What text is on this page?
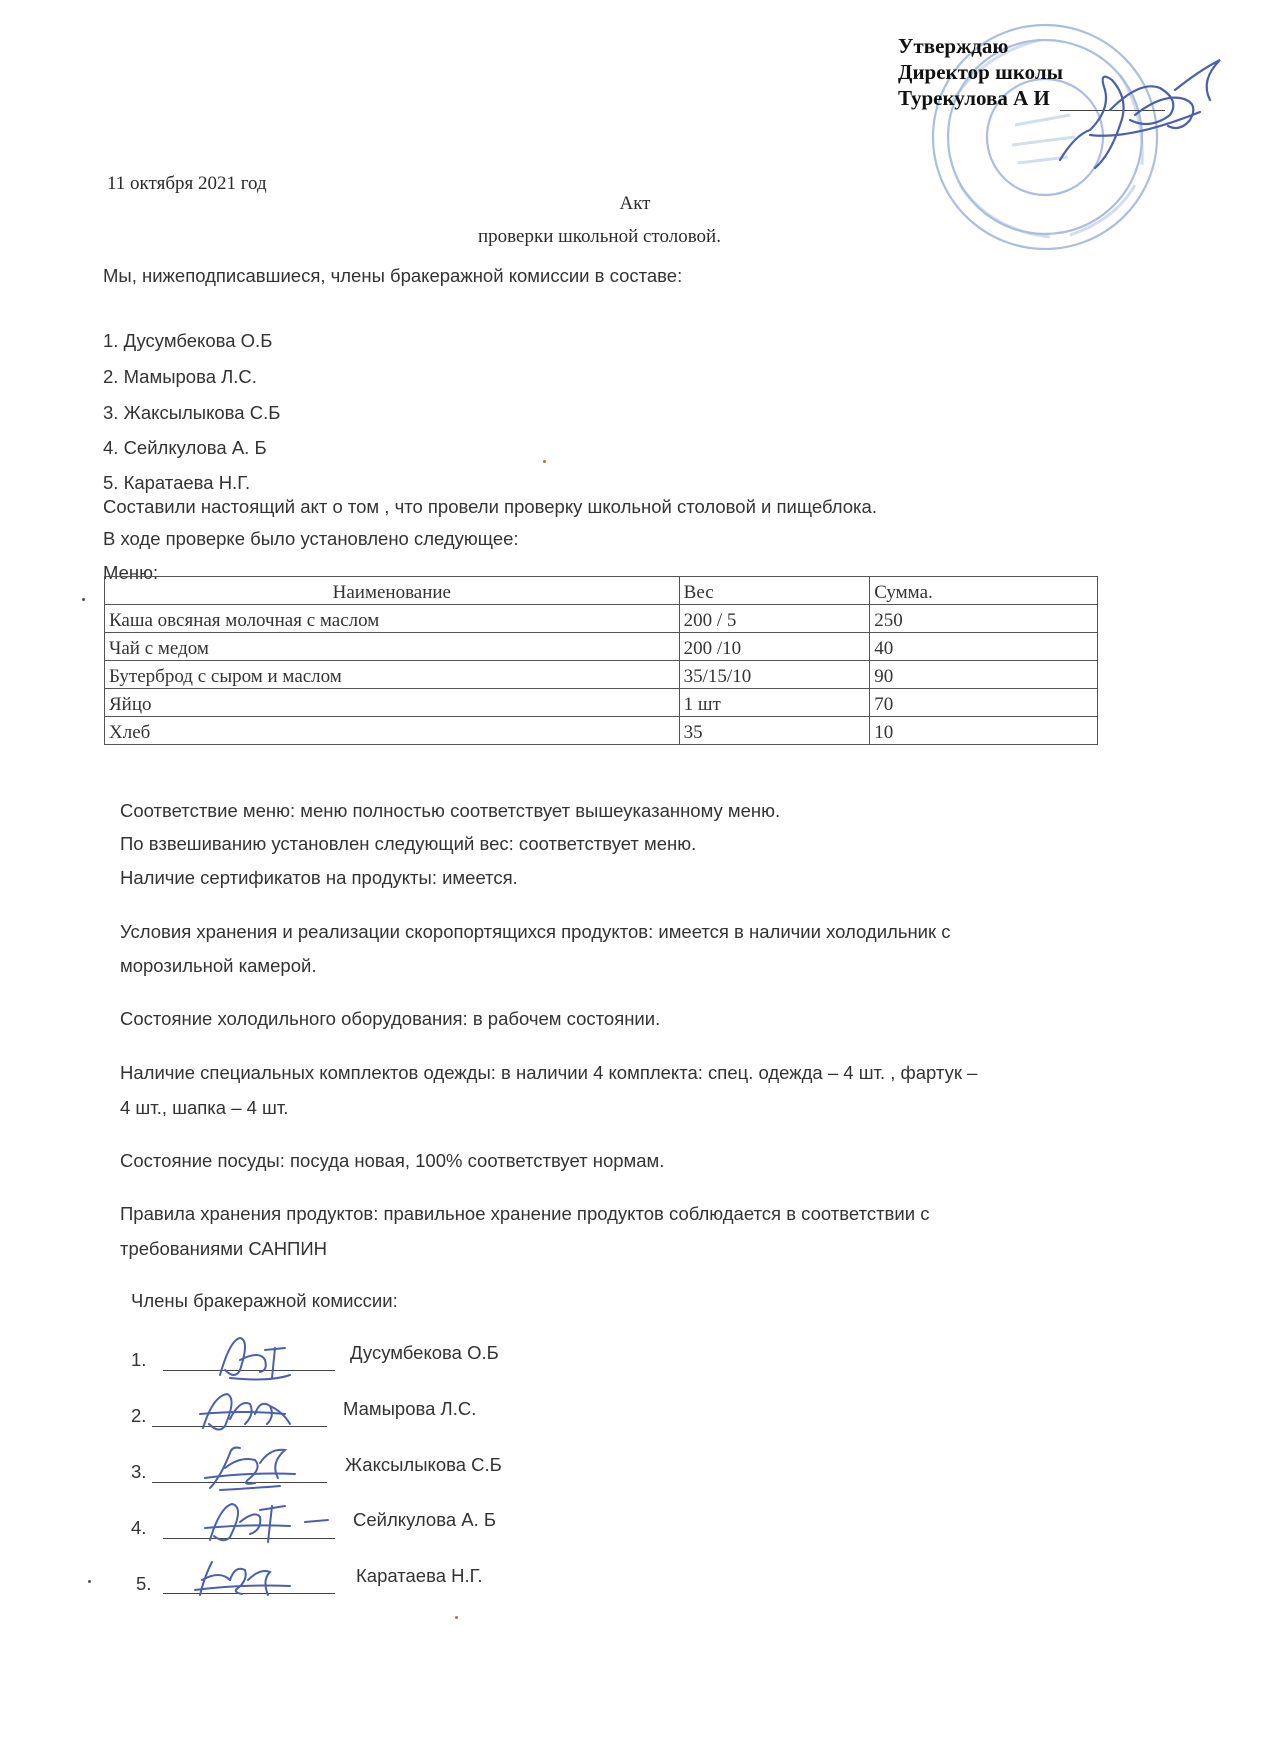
Утверждаю
Директор школы
Турекулова А И
11 октября 2021 год
Акт
проверки школьной столовой.
Мы, нижеподписавшиеся, члены бракеражной комиссии в составе:
1. Дусумбекова О.Б
2. Мамырова Л.С.
3. Жаксылыкова С.Б
4. Сейлкулова А. Б
5. Каратаева Н.Г.
Составили настоящий акт о том , что провели проверку школьной столовой и пищеблока.
В ходе проверке было установлено следующее:
Меню:
Наименование	Вес	Сумма.
Каша овсяная молочная с маслом	200 / 5	250
Чай с медом	200 /10	40
Бутерброд с сыром и маслом	35/15/10	90
Яйцо	1 шт	70
Хлеб	35	10
Соответствие меню: меню полностью соответствует вышеуказанному меню.
По взвешиванию установлен следующий вес: соответствует меню.
Наличие сертификатов на продукты: имеется.
Условия хранения и реализации скоропортящихся продуктов: имеется в наличии холодильник с
морозильной камерой.
Состояние холодильного оборудования: в рабочем состоянии.
Наличие специальных комплектов одежды: в наличии 4 комплекта: спец. одежда – 4 шт. , фартук –
4 шт., шапка – 4 шт.
Состояние посуды: посуда новая, 100% соответствует нормам.
Правила хранения продуктов: правильное хранение продуктов соблюдается в соответствии с
требованиями САНПИН
Члены бракеражной комиссии:
1.	Дусумбекова О.Б
2.	Мамырова Л.С.
3.	Жаксылыкова С.Б
4.	Сейлкулова А. Б
5.	Каратаева Н.Г.
